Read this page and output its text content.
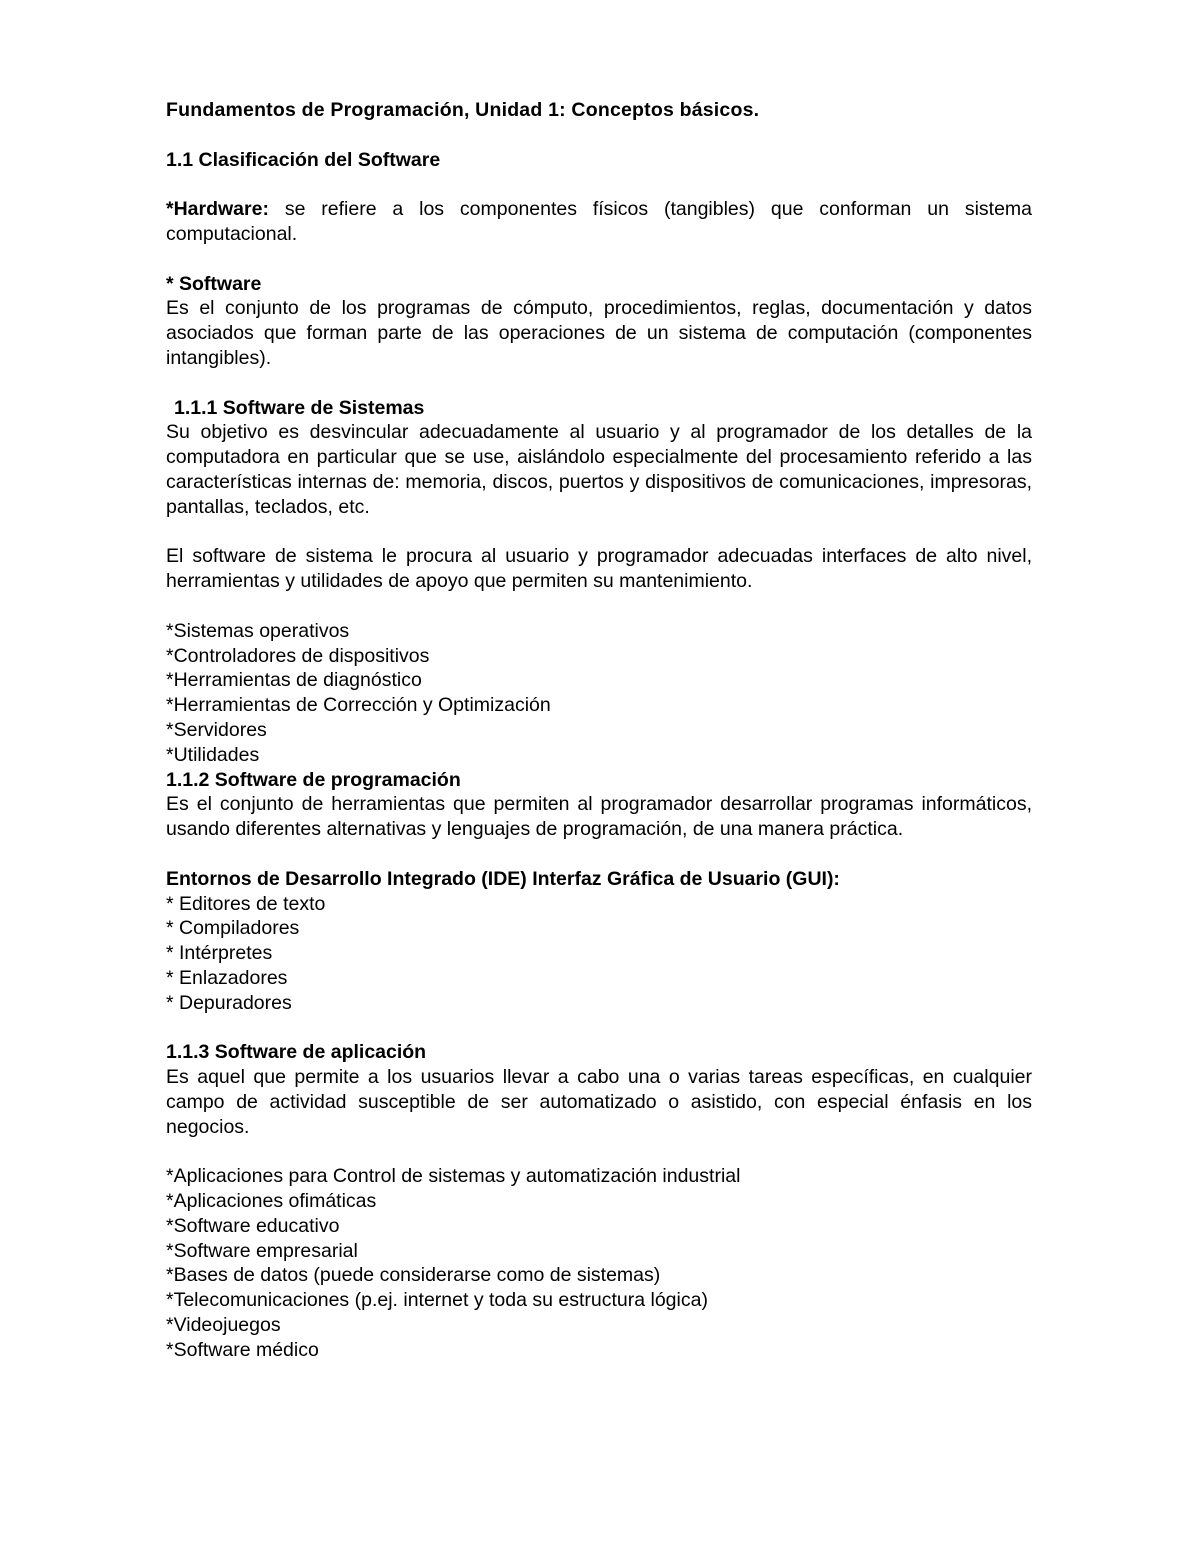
Fundamentos de Programación, Unidad 1: Conceptos básicos.
1.1 Clasificación del Software
*Hardware: se refiere a los componentes físicos (tangibles) que conforman un sistema computacional.
* Software
Es el conjunto de los programas de cómputo, procedimientos, reglas, documentación y datos asociados que forman parte de las operaciones de un sistema de computación (componentes intangibles).
1.1.1 Software de Sistemas
Su objetivo es desvincular adecuadamente al usuario y al programador de los detalles de la computadora en particular que se use, aislándolo especialmente del procesamiento referido a las características internas de: memoria, discos, puertos y dispositivos de comunicaciones, impresoras, pantallas, teclados, etc.
El software de sistema le procura al usuario y programador adecuadas interfaces de alto nivel, herramientas y utilidades de apoyo que permiten su mantenimiento.
*Sistemas operativos
*Controladores de dispositivos
*Herramientas de diagnóstico
*Herramientas de Corrección y Optimización
*Servidores
*Utilidades
1.1.2 Software de programación
Es el conjunto de herramientas que permiten al programador desarrollar programas informáticos, usando diferentes alternativas y lenguajes de programación, de una manera práctica.
Entornos de Desarrollo Integrado (IDE) Interfaz Gráfica de Usuario (GUI):
* Editores de texto
* Compiladores
* Intérpretes
* Enlazadores
* Depuradores
1.1.3 Software de aplicación
Es aquel que permite a los usuarios llevar a cabo una o varias tareas específicas, en cualquier campo de actividad susceptible de ser automatizado o asistido, con especial énfasis en los negocios.
*Aplicaciones para Control de sistemas y automatización industrial
*Aplicaciones ofimáticas
*Software educativo
*Software empresarial
*Bases de datos (puede considerarse como de sistemas)
*Telecomunicaciones (p.ej. internet y toda su estructura lógica)
*Videojuegos
*Software médico
